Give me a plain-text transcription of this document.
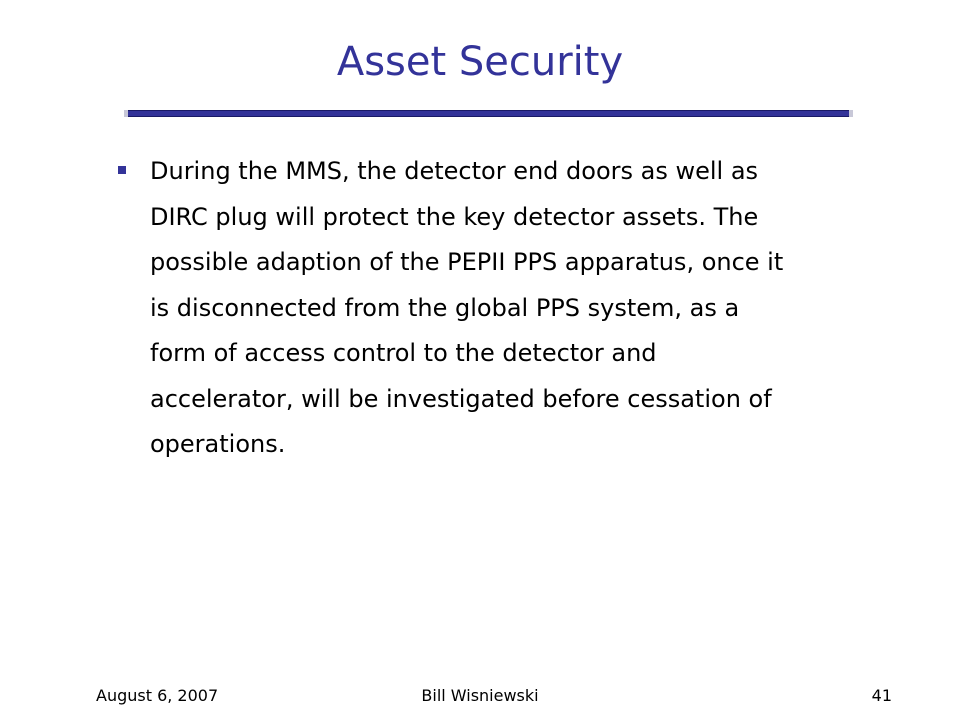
Asset Security
During the MMS, the detector end doors as well as
DIRC plug will protect the key detector assets. The
possible adaption of the PEPII PPS apparatus, once it
is disconnected from the global PPS system, as a
form of access control to the detector and
accelerator, will be investigated before cessation of
operations.
August 6, 2007	Bill Wisniewski	41
